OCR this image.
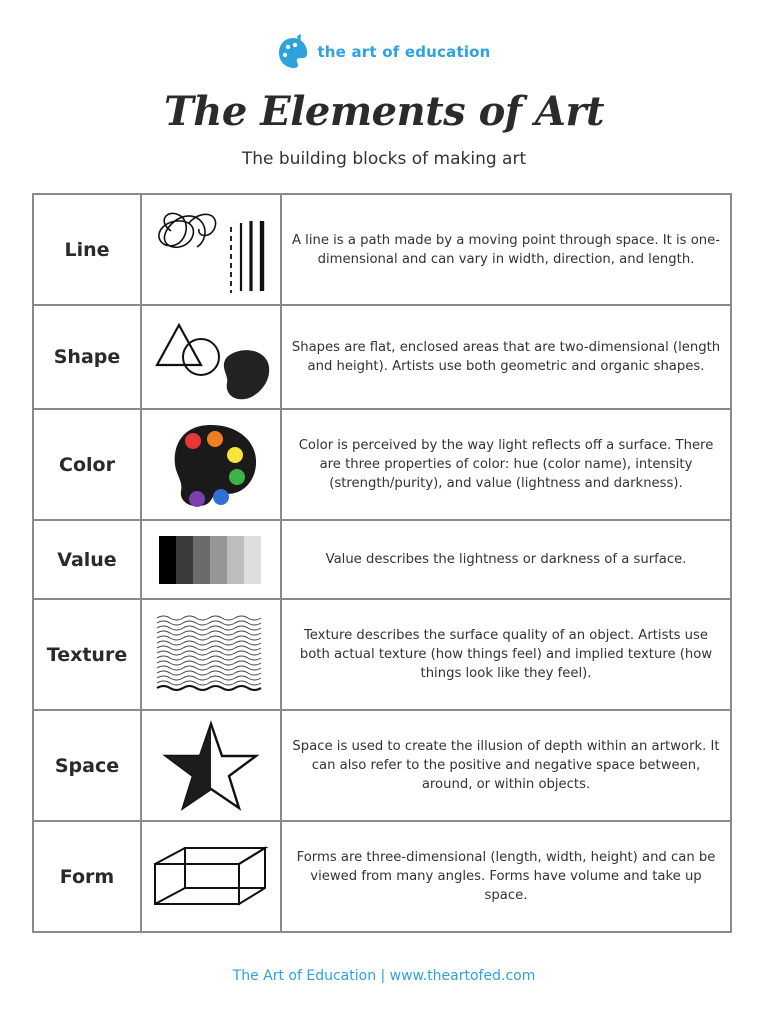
the art of education
The Elements of Art
The building blocks of making art
Line		A line is a path made by a moving point through space. It is one-dimensional and can vary in width, direction, and length.
Shape		Shapes are flat, enclosed areas that are two-dimensional (length and height). Artists use both geometric and organic shapes.
Color		Color is perceived by the way light reflects off a surface. There are three properties of color: hue (color name), intensity (strength/purity), and value (lightness and darkness).
Value		Value describes the lightness or darkness of a surface.
Texture		Texture describes the surface quality of an object. Artists use both actual texture (how things feel) and implied texture (how things look like they feel).
Space		Space is used to create the illusion of depth within an artwork. It can also refer to the positive and negative space between, around, or within objects.
Form		Forms are three-dimensional (length, width, height) and can be viewed from many angles. Forms have volume and take up space.
The Art of Education | www.theartofed.com
